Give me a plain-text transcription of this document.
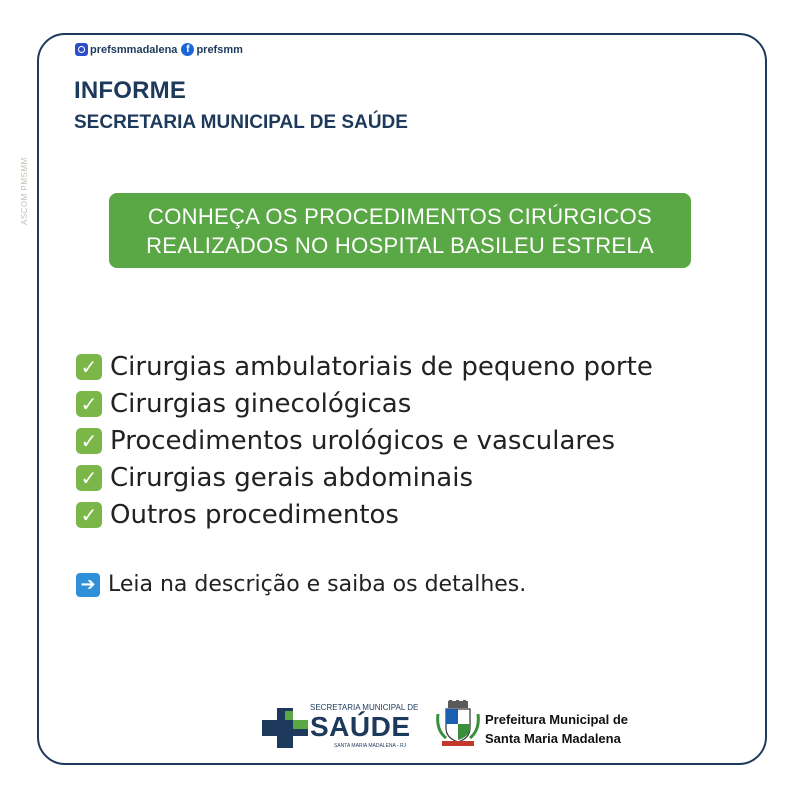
ASCOM PMSMM
prefsmmadalena f prefsmm
INFORME
SECRETARIA MUNICIPAL DE SAÚDE
CONHEÇA OS PROCEDIMENTOS CIRÚRGICOS
REALIZADOS NO HOSPITAL BASILEU ESTRELA
✓ Cirurgias ambulatoriais de pequeno porte
✓ Cirurgias ginecológicas
✓ Procedimentos urológicos e vasculares
✓ Cirurgias gerais abdominais
✓ Outros procedimentos
➔ Leia na descrição e saiba os detalhes.
SECRETARIA MUNICIPAL DE
SAÚDE
SANTA MARIA MADALENA - RJ
Prefeitura Municipal de
Santa Maria Madalena
